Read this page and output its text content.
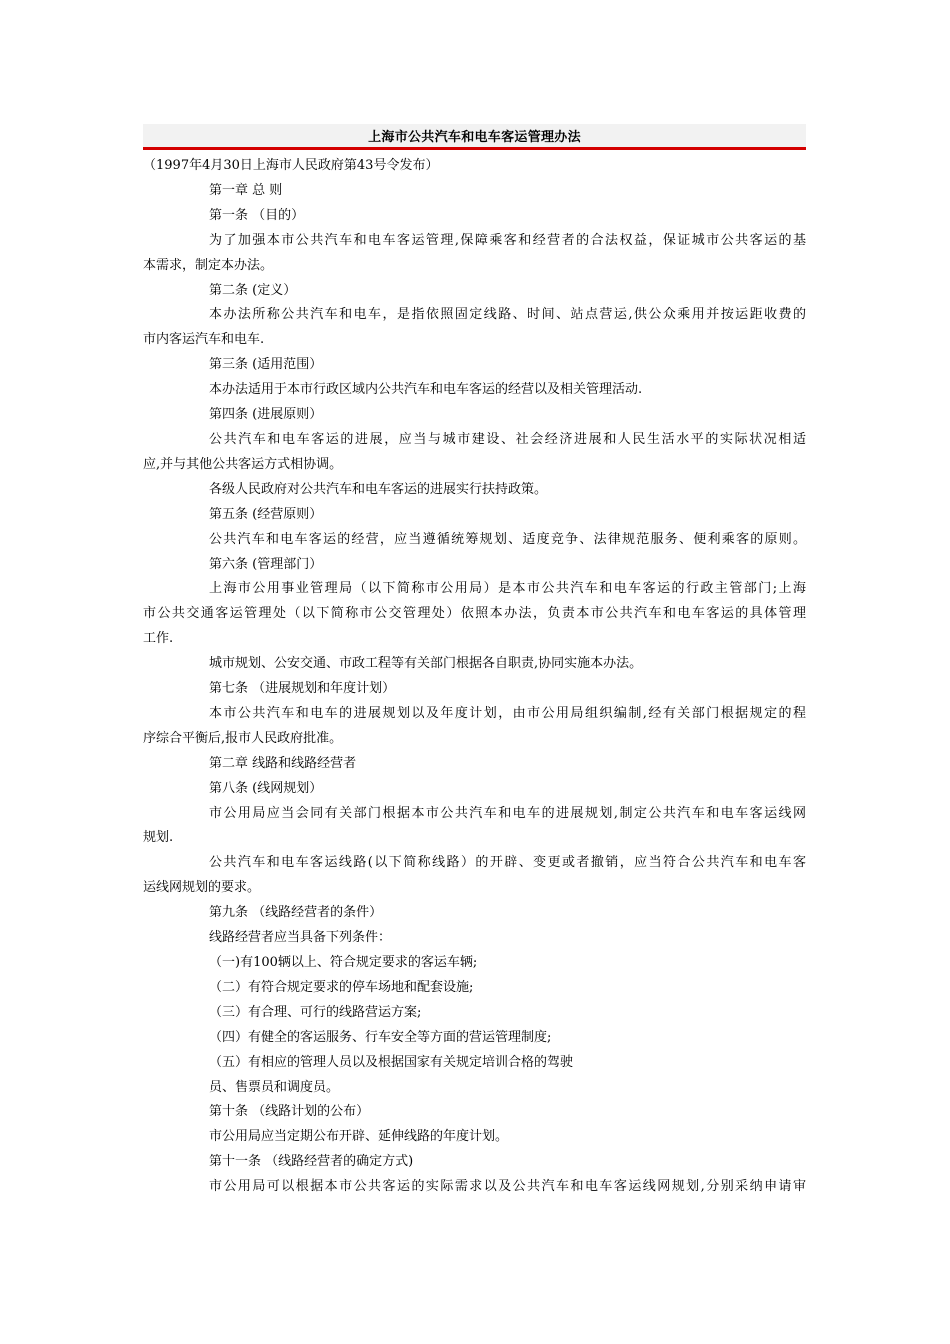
上海市公共汽车和电车客运管理办法
（1997年4月30日上海市人民政府第43号令发布）
第一章 总 则
第一条 （目的）
为了加强本市公共汽车和电车客运管理,保障乘客和经营者的合法权益，保证城市公共客运的基
本需求，制定本办法。
第二条 (定义）
本办法所称公共汽车和电车，是指依照固定线路、时间、站点营运,供公众乘用并按运距收费的
市内客运汽车和电车.
第三条 (适用范围）
本办法适用于本市行政区域内公共汽车和电车客运的经营以及相关管理活动.
第四条 (进展原则）
公共汽车和电车客运的进展，应当与城市建设、社会经济进展和人民生活水平的实际状况相适
应,并与其他公共客运方式相协调。
各级人民政府对公共汽车和电车客运的进展实行扶持政策。
第五条 (经营原则）
公共汽车和电车客运的经营，应当遵循统筹规划、适度竞争、法律规范服务、便利乘客的原则。
第六条 (管理部门）
上海市公用事业管理局（以下简称市公用局）是本市公共汽车和电车客运的行政主管部门;上海
市公共交通客运管理处（以下简称市公交管理处）依照本办法，负责本市公共汽车和电车客运的具体管理
工作.
城市规划、公安交通、市政工程等有关部门根据各自职责,协同实施本办法。
第七条 （进展规划和年度计划）
本市公共汽车和电车的进展规划以及年度计划，由市公用局组织编制,经有关部门根据规定的程
序综合平衡后,报市人民政府批准。
第二章 线路和线路经营者
第八条 (线网规划）
市公用局应当会同有关部门根据本市公共汽车和电车的进展规划,制定公共汽车和电车客运线网
规划.
公共汽车和电车客运线路(以下简称线路）的开辟、变更或者撤销，应当符合公共汽车和电车客
运线网规划的要求。
第九条 （线路经营者的条件）
线路经营者应当具备下列条件：
（一)有100辆以上、符合规定要求的客运车辆;
（二）有符合规定要求的停车场地和配套设施;
（三）有合理、可行的线路营运方案;
（四）有健全的客运服务、行车安全等方面的营运管理制度;
（五）有相应的管理人员以及根据国家有关规定培训合格的驾驶
员、售票员和调度员。
第十条 （线路计划的公布）
市公用局应当定期公布开辟、延伸线路的年度计划。
第十一条 （线路经营者的确定方式)
市公用局可以根据本市公共客运的实际需求以及公共汽车和电车客运线网规划,分别采纳申请审
